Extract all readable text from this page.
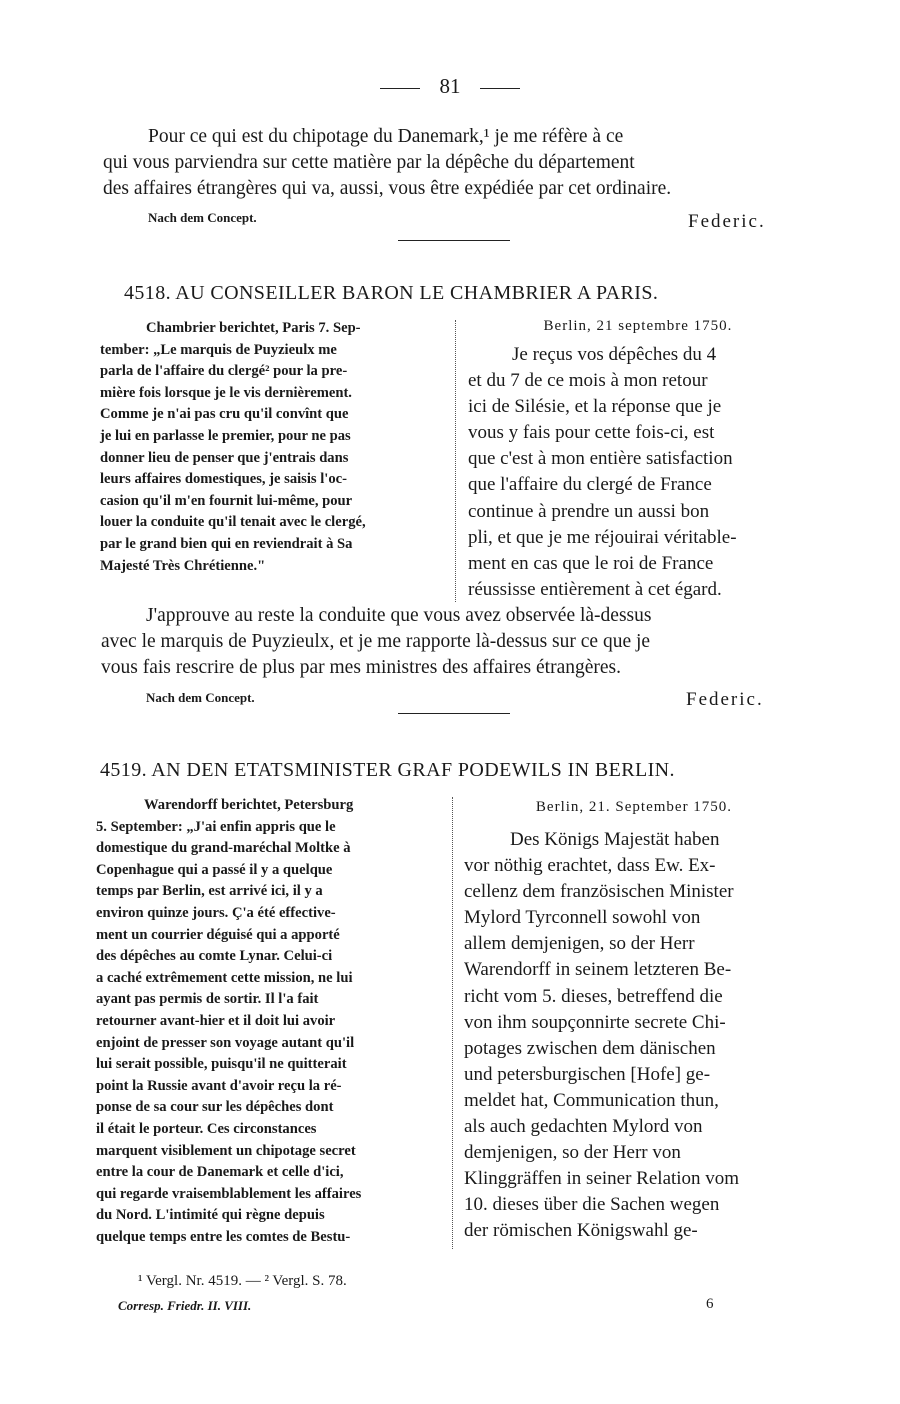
81
Pour ce qui est du chipotage du Danemark,¹ je me réfère à ce
qui vous parviendra sur cette matière par la dépêche du département
des affaires étrangères qui va, aussi, vous être expédiée par cet ordinaire.
Nach dem Concept.	Federic.
4518. AU CONSEILLER BARON LE CHAMBRIER A PARIS.
Chambrier berichtet, Paris 7. Sep-
tember: „Le marquis de Puyzieulx me
parla de l'affaire du clergé² pour la pre-
mière fois lorsque je le vis dernièrement.
Comme je n'ai pas cru qu'il convînt que
je lui en parlasse le premier, pour ne pas
donner lieu de penser que j'entrais dans
leurs affaires domestiques, je saisis l'oc-
casion qu'il m'en fournit lui-même, pour
louer la conduite qu'il tenait avec le clergé,
par le grand bien qui en reviendrait à Sa
Majesté Très Chrétienne."
Berlin, 21 septembre 1750.
Je reçus vos dépêches du 4
et du 7 de ce mois à mon retour
ici de Silésie, et la réponse que je
vous y fais pour cette fois-ci, est
que c'est à mon entière satisfaction
que l'affaire du clergé de France
continue à prendre un aussi bon
pli, et que je me réjouirai véritable-
ment en cas que le roi de France
réussisse entièrement à cet égard.
J'approuve au reste la conduite que vous avez observée là-dessus
avec le marquis de Puyzieulx, et je me rapporte là-dessus sur ce que je
vous fais rescrire de plus par mes ministres des affaires étrangères.
Nach dem Concept.	Federic.
4519. AN DEN ETATSMINISTER GRAF PODEWILS IN BERLIN.
Warendorff berichtet, Petersburg
5. September: „J'ai enfin appris que le
domestique du grand-maréchal Moltke à
Copenhague qui a passé il y a quelque
temps par Berlin, est arrivé ici, il y a
environ quinze jours. Ç'a été effective-
ment un courrier déguisé qui a apporté
des dépêches au comte Lynar. Celui-ci
a caché extrêmement cette mission, ne lui
ayant pas permis de sortir. Il l'a fait
retourner avant-hier et il doit lui avoir
enjoint de presser son voyage autant qu'il
lui serait possible, puisqu'il ne quitterait
point la Russie avant d'avoir reçu la ré-
ponse de sa cour sur les dépêches dont
il était le porteur. Ces circonstances
marquent visiblement un chipotage secret
entre la cour de Danemark et celle d'ici,
qui regarde vraisemblablement les affaires
du Nord. L'intimité qui règne depuis
quelque temps entre les comtes de Bestu-
Berlin, 21. September 1750.
Des Königs Majestät haben
vor nöthig erachtet, dass Ew. Ex-
cellenz dem französischen Minister
Mylord Tyrconnell sowohl von
allem demjenigen, so der Herr
Warendorff in seinem letzteren Be-
richt vom 5. dieses, betreffend die
von ihm soupçonnirte secrete Chi-
potages zwischen dem dänischen
und petersburgischen [Hofe] ge-
meldet hat, Communication thun,
als auch gedachten Mylord von
demjenigen, so der Herr von
Klinggräffen in seiner Relation vom
10. dieses über die Sachen wegen
der römischen Königswahl ge-
¹ Vergl. Nr. 4519. — ² Vergl. S. 78.
Corresp. Friedr. II. VIII.	6
